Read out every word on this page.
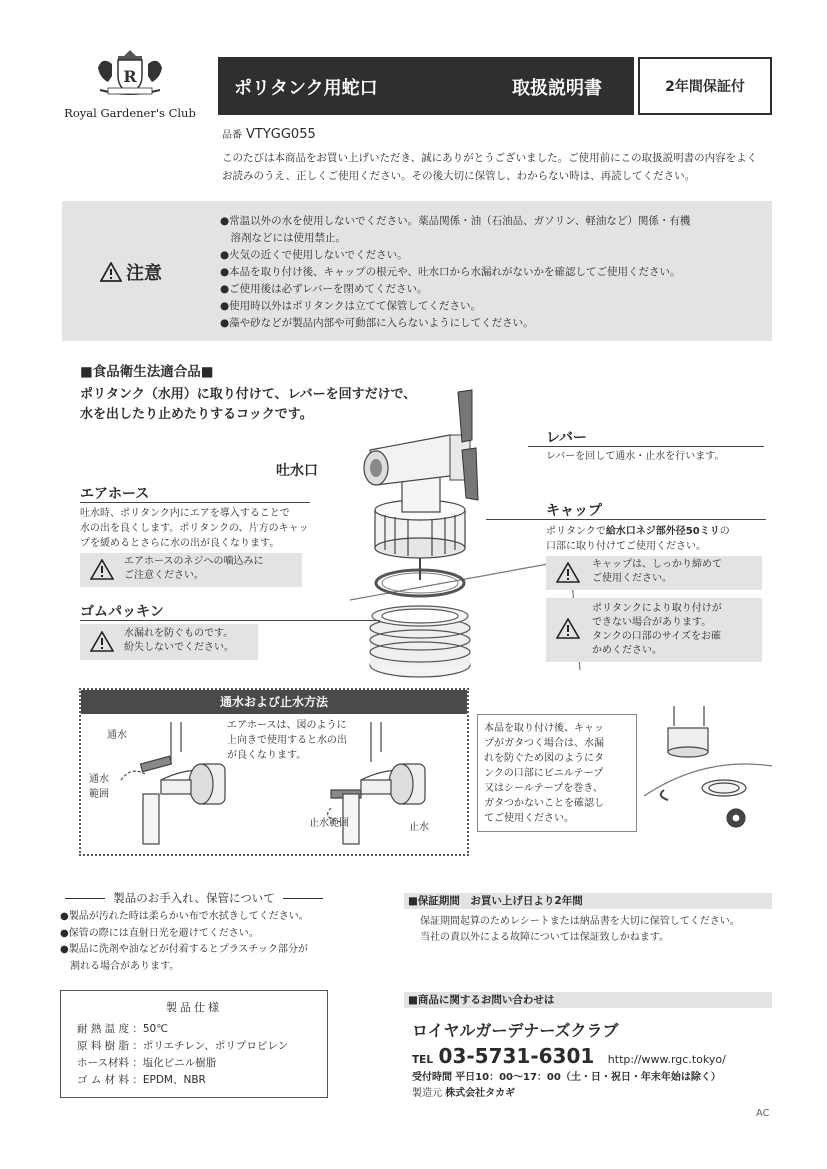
R
Royal Gardener's Club
ポリタンク用蛇口	取扱説明書	2年間保証付
品番 VTYGG055
このたびは本商品をお買い上げいただき、誠にありがとうございました。ご使用前にこの取扱説明書の内容をよくお読みのうえ、正しくご使用ください。その後大切に保管し、わからない時は、再読してください。
注意
●常温以外の水を使用しないでください。薬品関係・油（石油品、ガソリン、軽油など）関係・有機
　溶剤などには使用禁止。
●火気の近くで使用しないでください。
●本品を取り付け後、キャップの根元や、吐水口から水漏れがないかを確認してご使用ください。
●ご使用後は必ずレバーを閉めてください。
●使用時以外はポリタンクは立てて保管してください。
●藻や砂などが製品内部や可動部に入らないようにしてください。
■食品衛生法適合品■
ポリタンク（水用）に取り付けて、レバーを回すだけで、
水を出したり止めたりするコックです。
レバー
レバーを回して通水・止水を行います。
吐水口
エアホース
吐水時、ポリタンク内にエアを導入することで
水の出を良くします。ポリタンクの、片方のキャッ
プを緩めるとさらに水の出が良くなります。
エアホースのネジへの噛込みに
ご注意ください。
キャップ
ポリタンクで給水口ネジ部外径50ミリの
口部に取り付けてご使用ください。
キャップは、しっかり締めて
ご使用ください。
ポリタンクにより取り付けが
できない場合があります。
タンクの口部のサイズをお確
かめください。
ゴムパッキン
水漏れを防ぐものです。
紛失しないでください。
通水および止水方法
通水
通水
範囲
エアホースは、図のように
上向きで使用すると水の出
が良くなります。
止水範囲	止水
本品を取り付け後、キャッ
プがガタつく場合は、水漏
れを防ぐため図のようにタ
ンクの口部にビニルテープ
又はシールテープを巻き、
ガタつかないことを確認し
てご使用ください。
製品のお手入れ、保管について
●製品が汚れた時は柔らかい布で水拭きしてください。
●保管の際には直射日光を避けてください。
●製品に洗剤や油などが付着するとプラスチック部分が
　割れる場合があります。
製品仕様
耐 熱 温 度 ：50℃
原 料 樹 脂 ：ポリエチレン、ポリプロピレン
ホース材料 ：塩化ビニル樹脂
ゴ ム 材 料 ：EPDM、NBR
■保証期間　お買い上げ日より2年間
保証期間起算のためレシートまたは納品書を大切に保管してください。
当社の責以外による故障については保証致しかねます。
■商品に関するお問い合わせは
ロイヤルガーデナーズクラブ
TEL 03-5731-6301 http://www.rgc.tokyo/
受付時間 平日10：00〜17：00（土・日・祝日・年末年始は除く）
製造元 株式会社タカギ
AC
